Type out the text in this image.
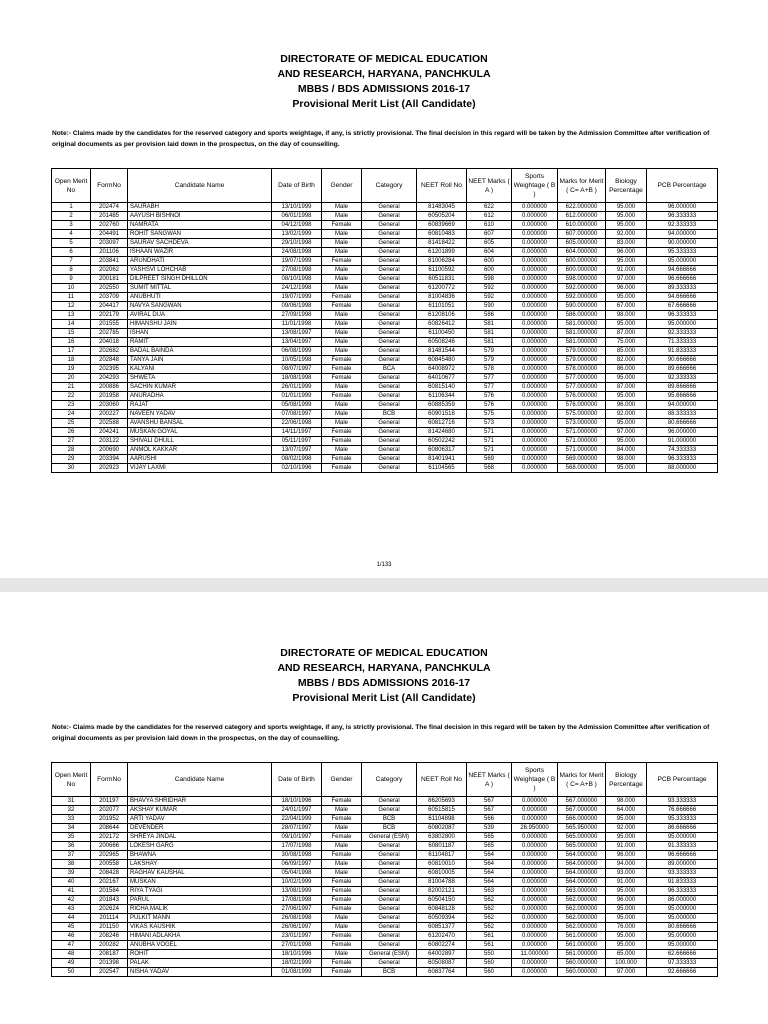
DIRECTORATE OF MEDICAL EDUCATION
AND RESEARCH, HARYANA, PANCHKULA
MBBS / BDS ADMISSIONS 2016-17
Provisional Merit List (All Candidate)

Note:- Claims made by the candidates for the reserved category and sports weightage, if any, is strictly provisional. The final decision in this regard will be taken by the Admission Committee after verification of original documents as per provision laid down in the prospectus, on the day of counselling.

Open Merit No	FormNo	Candidate Name	Date of Birth	Gender	Category	NEET Roll No	NEET Marks ( A )	Sports Weightage ( B )	Marks for Merit ( C= A+B )	Biology Percentage	PCB Percentage
1	202474	SAURABH	13/10/1999	Male	General	81483045	622	0.000000	622.000000	95.000	96.000000
2	201485	AAYUSH BISHNOI	06/01/1998	Male	General	60505204	612	0.000000	612.000000	95.000	96.333333
3	202760	NAMRATA	04/12/1998	Female	General	60839669	610	0.000000	610.000000	95.000	92.333333
4	204491	ROHIT SANGWAN	13/02/1999	Male	General	60810483	607	0.000000	607.000000	92.000	94.000000
5	203097	SAURAV SACHDEVA	29/10/1998	Male	General	81418422	605	0.000000	605.000000	83.000	90.000000
6	201106	ISHAAN WAZIR	24/08/1998	Male	General	61201899	604	0.000000	604.000000	96.000	95.333333
7	203841	ARUNDHATI	19/07/1999	Female	General	81006284	600	0.000000	600.000000	95.000	95.000000
8	202062	YASHSVI LOHCHAB	27/08/1998	Male	General	61100592	600	0.000000	600.000000	91.000	94.666666
9	200181	DILPREET SINGH DHILLON	08/10/1998	Male	General	60511831	598	0.000000	598.000000	97.000	96.666666
10	202550	SUMIT MITTAL	24/12/1998	Male	General	61200772	592	0.000000	592.000000	96.000	89.333333
11	203709	ANUBHUTI	19/07/1999	Female	General	81004836	592	0.000000	592.000000	95.000	94.666666
12	204417	NAVYA SANGWAN	09/06/1998	Female	General	61101051	590	0.000000	590.000000	67.000	67.666666
13	202179	AVIRAL DUA	27/09/1998	Male	General	61208106	586	0.000000	586.000000	98.000	96.333333
14	201555	HIMANSHU JAIN	11/01/1998	Male	General	60826412	581	0.000000	581.000000	95.000	95.000000
15	202785	ISHAN	13/08/1997	Male	General	61100450	581	0.000000	581.000000	87.000	92.333333
16	204018	RAMIT	13/04/1997	Male	General	60508246	581	0.000000	581.000000	75.000	71.333333
17	202682	BADAL BAINDA	06/08/1999	Male	General	81481544	579	0.000000	579.000000	85.000	91.833333
18	202848	TANYA JAIN	10/05/1998	Female	General	60845480	579	0.000000	579.000000	82.000	90.666666
19	202395	KALYANI	08/07/1997	Female	BCA	64008972	578	0.000000	578.000000	86.000	89.666666
20	204293	SHWETA	18/08/1998	Female	General	64010677	577	0.000000	577.000000	95.000	92.333333
21	200886	SACHIN KUMAR	26/01/1999	Male	General	60815140	577	0.000000	577.000000	87.000	89.666666
22	201958	ANURADHA	01/01/1999	Female	General	61106344	576	0.000000	576.000000	95.000	95.666666
23	203060	RAJAT	05/08/1999	Male	General	60885359	576	0.000000	576.000000	96.000	94.000000
24	200227	NAVEEN YADAV	07/08/1997	Male	BCB	60901518	575	0.000000	575.000000	92.000	88.333333
25	202588	AVANSHU BANSAL	22/06/1998	Male	General	60812716	573	0.000000	573.000000	95.000	80.666666
26	204241	MUSKAN GOYAL	14/11/1997	Female	General	81424680	571	0.000000	571.000000	97.000	96.000000
27	203122	SHIVALI DHULL	05/11/1997	Female	General	60502242	571	0.000000	571.000000	95.000	91.000000
28	200690	ANMOL KAKKAR	13/07/1997	Male	General	60806317	571	0.000000	571.000000	84.000	74.333333
29	203394	AARUSHI	08/02/1998	Female	General	81401941	569	0.000000	569.000000	98.000	96.333333
30	202923	VIJAY LAXMI	02/10/1996	Female	General	61104565	568	0.000000	568.000000	95.000	88.000000
1/133
DIRECTORATE OF MEDICAL EDUCATION
AND RESEARCH, HARYANA, PANCHKULA
MBBS / BDS ADMISSIONS 2016-17
Provisional Merit List (All Candidate)

Note:- Claims made by the candidates for the reserved category and sports weightage, if any, is strictly provisional. The final decision in this regard will be taken by the Admission Committee after verification of original documents as per provision laid down in the prospectus, on the day of counselling.

Open Merit No	FormNo	Candidate Name	Date of Birth	Gender	Category	NEET Roll No	NEET Marks ( A )	Sports Weightage ( B )	Marks for Merit ( C= A+B )	Biology Percentage	PCB Percentage
31	201197	BHAVYA SHRIDHAR	18/10/1996	Female	General	86205693	567	0.000000	567.000000	98.000	93.333333
32	202077	AKSHAY KUMAR	24/01/1997	Male	General	60515815	567	0.000000	567.000000	64.000	76.666666
33	201952	ARTI YADAV	22/04/1999	Female	BCB	61104898	566	0.000000	566.000000	95.000	95.333333
34	208644	DEVENDER	28/07/1997	Male	BCB	60802087	539	26.950000	565.950000	92.000	86.666666
35	202172	SHREYA JINDAL	09/10/1997	Female	General (ESM)	63802800	565	0.000000	565.000000	95.000	95.000000
36	200666	LOKESH GARG	17/07/1998	Male	General	60801187	565	0.000000	565.000000	91.000	91.333333
37	202965	BHAWNA	30/08/1998	Female	General	61104817	564	0.000000	564.000000	96.000	96.666666
38	200558	LAKSHAY	06/09/1997	Male	General	60810010	564	0.000000	564.000000	94.000	89.000000
39	208428	RAGHAV KAUSHAL	05/04/1998	Male	General	60810005	564	0.000000	564.000000	93.000	93.333333
40	202167	MUSKAN	10/02/1999	Female	General	81004788	564	0.000000	564.000000	91.000	91.833333
41	201584	RIYA TYAGI	13/08/1999	Female	General	82002121	563	0.000000	563.000000	95.000	96.333333
42	201843	PARUL	17/08/1998	Female	General	60504150	562	0.000000	562.000000	96.000	86.000000
43	202624	RICHA MALIK	27/06/1997	Female	General	60848128	562	0.000000	562.000000	95.000	95.000000
44	201114	PULKIT MANN	26/08/1998	Male	General	60509394	562	0.000000	562.000000	95.000	95.000000
45	201150	VIKAS KAUSHIK	26/06/1997	Male	General	60851377	562	0.000000	562.000000	76.000	80.666666
46	208246	HIMANI ADLAKHA	23/01/1997	Female	General	61202470	561	0.000000	561.000000	95.000	95.000000
47	200282	ANUBHA VOGEL	27/01/1998	Female	General	60802274	561	0.000000	561.000000	95.000	95.000000
48	208187	ROHIT	18/10/1996	Male	General (ESM)	64002897	550	11.000000	561.000000	65.000	62.666666
49	201398	PALAK	18/02/1999	Female	General	60508087	560	0.000000	560.000000	100.000	97.333333
50	202547	NISHA YADAV	01/08/1999	Female	BCB	60837764	560	0.000000	560.000000	97.000	92.666666
